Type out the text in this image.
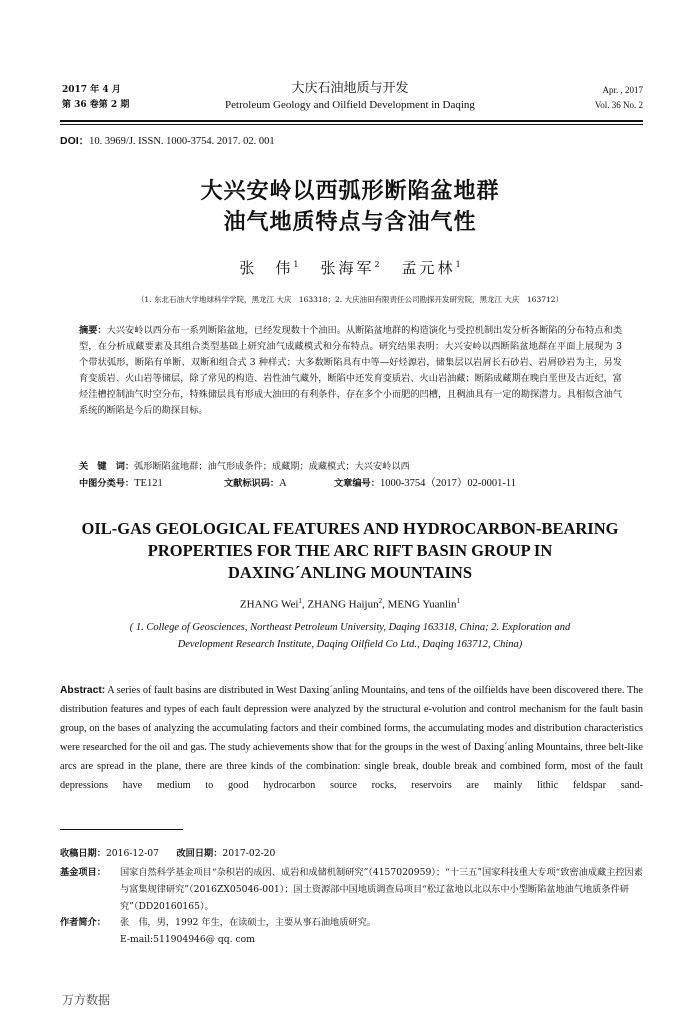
2017 年 4 月
第 36 卷第 2 期
大庆石油地质与开发
Petroleum Geology and Oilfield Development in Daqing
Apr. , 2017
Vol. 36 No. 2
DOI：10. 3969/J. ISSN. 1000-3754. 2017. 02. 001
大兴安岭以西弧形断陷盆地群
油气地质特点与含油气性
张　伟$^1$ 张海军$^2$ 孟元林$^1$
（1. 东北石油大学地球科学学院，黑龙江 大庆　163318；2. 大庆油田有限责任公司勘探开发研究院，黑龙江 大庆　163712）
摘要：大兴安岭以西分布一系列断陷盆地，已经发现数十个油田。从断陷盆地群的构造演化与受控机制出发分析各断陷的分布特点和类型，在分析成藏要素及其组合类型基础上研究油气成藏模式和分布特点。研究结果表明：大兴安岭以西断陷盆地群在平面上展现为 3 个带状弧形，断陷有单断、双断和组合式 3 种样式；大多数断陷具有中等—好烃源岩，储集层以岩屑长石砂岩、岩屑砂岩为主，另发育变质岩、火山岩等储层，除了常见的构造、岩性油气藏外，断陷中还发育变质岩、火山岩油藏；断陷成藏期在晚白垩世及古近纪，富烃洼槽控制油气时空分布，特殊储层具有形成大油田的有利条件，存在多个小而肥的凹槽，且稠油具有一定的勘探潜力。具相似含油气系统的断陷是今后的勘探目标。
关　键　词：弧形断陷盆地群；油气形成条件；成藏期；成藏模式；大兴安岭以西
中图分类号：TE121	文献标识码：A	文章编号：1000-3754（2017）02-0001-11
OIL-GAS GEOLOGICAL FEATURES AND HYDROCARBON-BEARING
PROPERTIES FOR THE ARC RIFT BASIN GROUP IN
DAXING´ANLING MOUNTAINS
ZHANG Wei$^1$, ZHANG Haijun$^2$, MENG Yuanlin$^1$
( 1. College of Geosciences, Northeast Petroleum University, Daqing 163318, China; 2. Exploration and
Development Research Institute, Daqing Oilfield Co Ltd., Daqing 163712, China)
Abstract: A series of fault basins are distributed in West Daxing´anling Mountains, and tens of the oilfields have been discovered there. The distribution features and types of each fault depression were analyzed by the structural e-volution and control mechanism for the fault basin group, on the bases of analyzing the accumulating factors and their combined forms, the accumulating modes and distribution characteristics were researched for the oil and gas. The study achievements show that for the groups in the west of Daxing´anling Mountains, three belt-like arcs are spread in the plane, there are three kinds of the combination: single break, double break and combined form, most of the fault depressions have medium to good hydrocarbon source rocks, reservoirs are mainly lithic feldspar sand-
收稿日期：2016-12-07 改回日期：2017-02-20
基金项目： 国家自然科学基金项目“杂积岩的成因、成岩和成储机制研究”（4157020959）；“十三五”国家科技重大专项“致密油成藏主控因素与富集规律研究”（2016ZX05046-001）；国土资源部中国地质调查局项目“松辽盆地以北以东中小型断陷盆地油气地质条件研究”（DD20160165）。
作者简介： 张　伟，男，1992 年生，在读硕士，主要从事石油地质研究。
E-mail:511904946@ qq. com
万方数据
